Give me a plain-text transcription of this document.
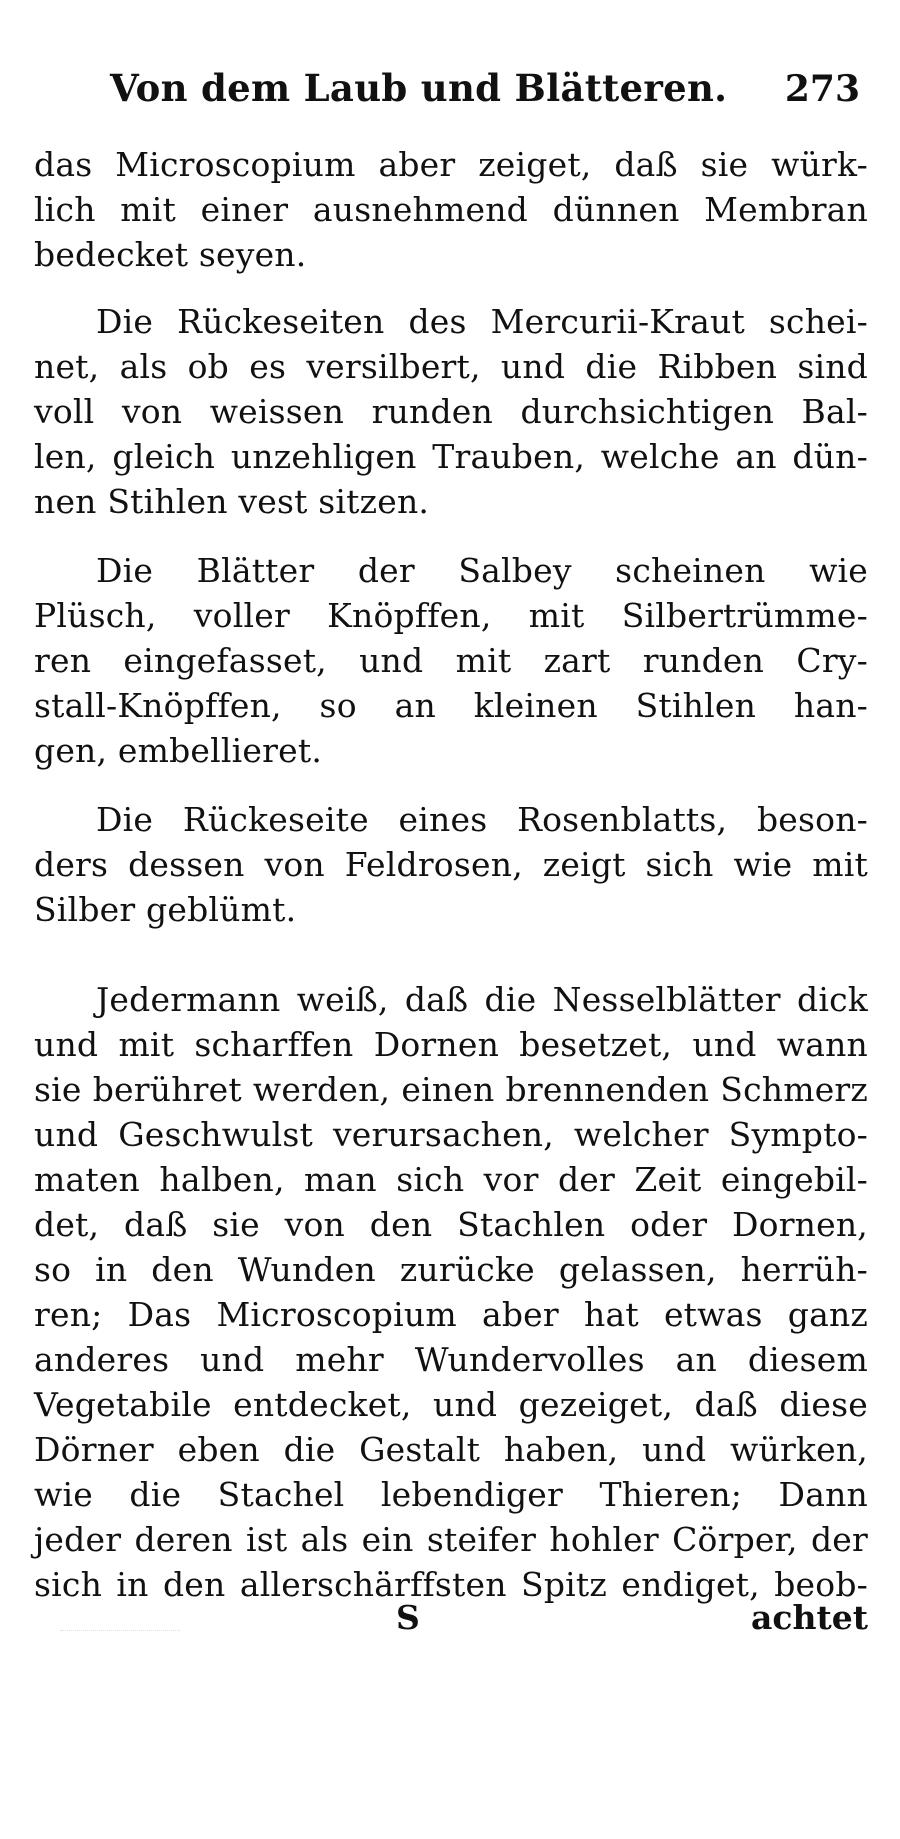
Von dem Laub und Blätteren. 273
das Microscopium aber zeiget, daß sie würk-
lich mit einer ausnehmend dünnen Membran
bedecket seyen.
Die Rückeseiten des Mercurii-Kraut schei-
net, als ob es versilbert, und die Ribben sind
voll von weissen runden durchsichtigen Bal-
len, gleich unzehligen Trauben, welche an dün-
nen Stihlen vest sitzen.
Die Blätter der Salbey scheinen wie
Plüsch, voller Knöpffen, mit Silbertrümme-
ren eingefasset, und mit zart runden Cry-
stall-Knöpffen, so an kleinen Stihlen han-
gen, embellieret.
Die Rückeseite eines Rosenblatts, beson-
ders dessen von Feldrosen, zeigt sich wie mit
Silber geblümt.
Jedermann weiß, daß die Nesselblätter dick
und mit scharffen Dornen besetzet, und wann
sie berühret werden, einen brennenden Schmerz
und Geschwulst verursachen, welcher Sympto-
maten halben, man sich vor der Zeit eingebil-
det, daß sie von den Stachlen oder Dornen,
so in den Wunden zurücke gelassen, herrüh-
ren; Das Microscopium aber hat etwas ganz
anderes und mehr Wundervolles an diesem
Vegetabile entdecket, und gezeiget, daß diese
Dörner eben die Gestalt haben, und würken,
wie die Stachel lebendiger Thieren; Dann
jeder deren ist als ein steifer hohler Cörper, der
sich in den allerschärffsten Spitz endiget, beob-
S	achtet
